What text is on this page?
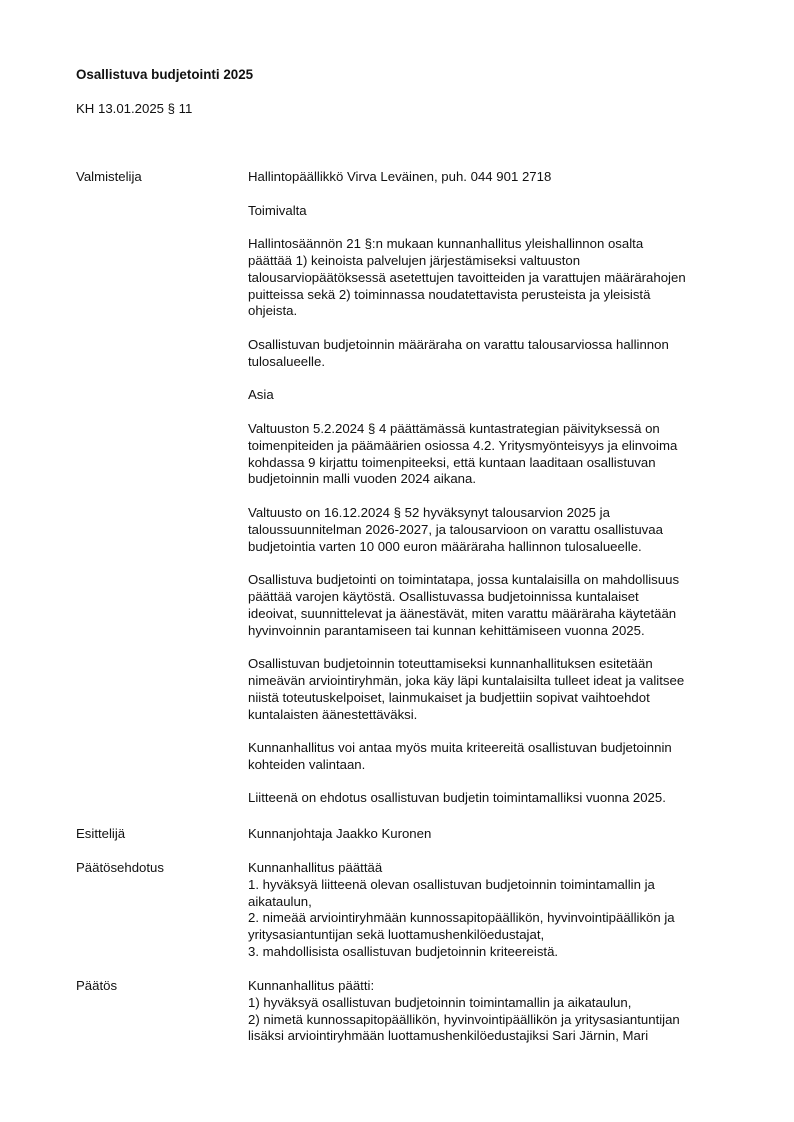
Osallistuva budjetointi 2025
KH 13.01.2025 § 11
Valmistelija	Hallintopäällikkö Virva Leväinen, puh. 044 901 2718

Toimivalta

Hallintosäännön 21 §:n mukaan kunnanhallitus yleishallinnon osalta
päättää 1) keinoista palvelujen järjestämiseksi valtuuston
talousarviopäätöksessä asetettujen tavoitteiden ja varattujen määrärahojen
puitteissa sekä 2) toiminnassa noudatettavista perusteista ja yleisistä
ohjeista.

Osallistuvan budjetoinnin määräraha on varattu talousarviossa hallinnon
tulosalueelle.

Asia

Valtuuston 5.2.2024 § 4 päättämässä kuntastrategian päivityksessä on
toimenpiteiden ja päämäärien osiossa 4.2. Yritysmyönteisyys ja elinvoima
kohdassa 9 kirjattu toimenpiteeksi, että kuntaan laaditaan osallistuvan
budjetoinnin malli vuoden 2024 aikana.

Valtuusto on 16.12.2024 § 52 hyväksynyt talousarvion 2025 ja
taloussuunnitelman 2026-2027, ja talousarvioon on varattu osallistuvaa
budjetointia varten 10 000 euron määräraha hallinnon tulosalueelle.

Osallistuva budjetointi on toimintatapa, jossa kuntalaisilla on mahdollisuus
päättää varojen käytöstä. Osallistuvassa budjetoinnissa kuntalaiset
ideoivat, suunnittelevat ja äänestävät, miten varattu määräraha käytetään
hyvinvoinnin parantamiseen tai kunnan kehittämiseen vuonna 2025.

Osallistuvan budjetoinnin toteuttamiseksi kunnanhallituksen esitetään
nimeävän arviointiryhmän, joka käy läpi kuntalaisilta tulleet ideat ja valitsee
niistä toteutuskelpoiset, lainmukaiset ja budjettiin sopivat vaihtoehdot
kuntalaisten äänestettäväksi.

Kunnanhallitus voi antaa myös muita kriteereitä osallistuvan budjetoinnin
kohteiden valintaan.

Liitteenä on ehdotus osallistuvan budjetin toimintamalliksi vuonna 2025.

Esittelijä	Kunnanjohtaja Jaakko Kuronen
Päätösehdotus	Kunnanhallitus päättää
1. hyväksyä liitteenä olevan osallistuvan budjetoinnin toimintamallin ja
aikataulun,
2. nimeää arviointiryhmään kunnossapitopäällikön, hyvinvointipäällikön ja
yritysasiantuntijan sekä luottamushenkilöedustajat,
3. mahdollisista osallistuvan budjetoinnin kriteereistä.
Päätös	Kunnanhallitus päätti:
1) hyväksyä osallistuvan budjetoinnin toimintamallin ja aikataulun,
2) nimetä kunnossapitopäällikön, hyvinvointipäällikön ja yritysasiantuntijan
lisäksi arviointiryhmään luottamushenkilöedustajiksi Sari Järnin, Mari
